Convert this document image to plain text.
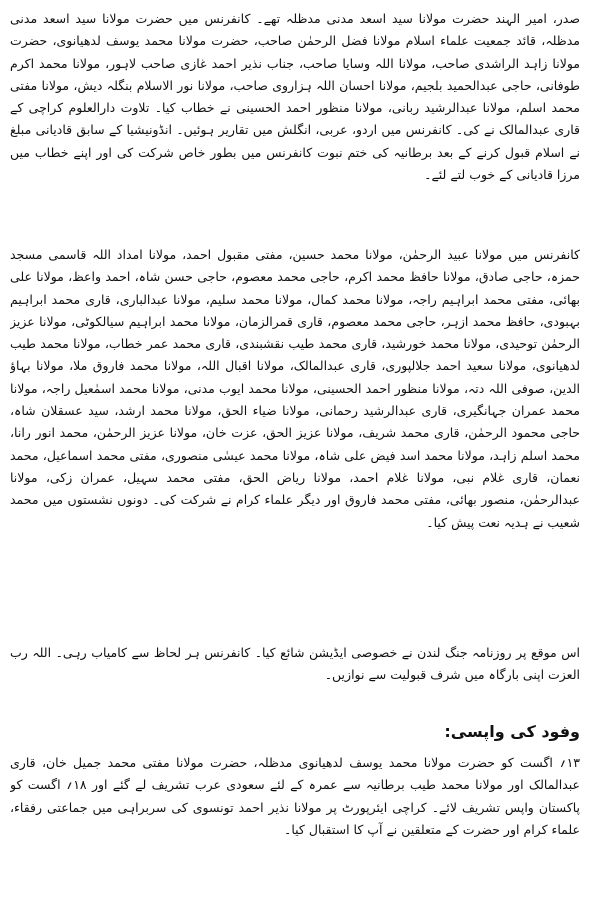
صدر، امیر الہند حضرت مولانا سید اسعد مدنی مدظلہ تھے۔ کانفرنس میں حضرت مولانا سید اسعد مدنی مدظلہ، قائد جمعیت علماء اسلام مولانا فضل الرحمٰن صاحب، حضرت مولانا محمد یوسف لدھیانوی، حضرت مولانا زاہد الراشدی صاحب، مولانا اللہ وسایا صاحب، جناب نذیر احمد غازی صاحب لاہور، مولانا محمد اکرم طوفانی، حاجی عبدالحمید بلجیم، مولانا احسان اللہ ہزاروی صاحب، مولانا نور الاسلام بنگلہ دیش، مولانا مفتی محمد اسلم، مولانا عبدالرشید ربانی، مولانا منظور احمد الحسینی نے خطاب کیا۔ تلاوت دارالعلوم کراچی کے قاری عبدالمالک نے کی۔ کانفرنس میں اردو، عربی، انگلش میں تقاریر ہوئیں۔ انڈونیشیا کے سابق قادیانی مبلغ نے اسلام قبول کرنے کے بعد برطانیہ کی ختم نبوت کانفرنس میں بطور خاص شرکت کی اور اپنے خطاب میں مرزا قادیانی کے خوب لتے لئے۔

کانفرنس میں مولانا عبید الرحمٰن، مولانا محمد حسین، مفتی مقبول احمد، مولانا امداد اللہ قاسمی مسجد حمزہ، حاجی صادق، مولانا حافظ محمد اکرم، حاجی محمد معصوم، حاجی حسن شاہ، احمد واعظ، مولانا علی بھائی، مفتی محمد ابراہیم راجہ، مولانا محمد کمال، مولانا محمد سلیم، مولانا عبدالباری، قاری محمد ابراہیم بہبودی، حافظ محمد ازہر، حاجی محمد معصوم، قاری قمرالزمان، مولانا محمد ابراہیم سیالکوٹی، مولانا عزیز الرحمٰن توحیدی، مولانا محمد خورشید، قاری محمد طیب نقشبندی، قاری محمد عمر خطاب، مولانا محمد طیب لدھیانوی، مولانا سعید احمد جلالپوری، قاری عبدالمالک، مولانا اقبال اللہ، مولانا محمد فاروق ملا، مولانا بہاؤ الدین، صوفی اللہ دتہ، مولانا منظور احمد الحسینی، مولانا محمد ایوب مدنی، مولانا محمد اسمٰعیل راجہ، مولانا محمد عمران جہانگیری، قاری عبدالرشید رحمانی، مولانا ضیاء الحق، مولانا محمد ارشد، سید عسقلان شاہ، حاجی محمود الرحمٰن، قاری محمد شریف، مولانا عزیز الحق، عزت خان، مولانا عزیز الرحمٰن، محمد انور رانا، محمد اسلم زاہد، مولانا محمد اسد فیض علی شاہ، مولانا محمد عیسٰی منصوری، مفتی محمد اسماعیل، محمد نعمان، قاری غلام نبی، مولانا غلام احمد، مولانا ریاض الحق، مفتی محمد سہیل، عمران زکی، مولانا عبدالرحمٰن، منصور بھائی، مفتی محمد فاروق اور دیگر علماء کرام نے شرکت کی۔ دونوں نشستوں میں محمد شعیب نے ہدیہ نعت پیش کیا۔

اس موقع پر روزنامہ جنگ لندن نے خصوصی ایڈیشن شائع کیا۔ کانفرنس ہر لحاظ سے کامیاب رہی۔ اللہ رب العزت اپنی بارگاہ میں شرف قبولیت سے نوازیں۔

وفود کی واپسی:

۱۳؍ اگست کو حضرت مولانا محمد یوسف لدھیانوی مدظلہ، حضرت مولانا مفتی محمد جمیل خان، قاری عبدالمالک اور مولانا محمد طیب برطانیہ سے عمرہ کے لئے سعودی عرب تشریف لے گئے اور ۱۸؍ اگست کو پاکستان واپس تشریف لائے۔ کراچی ایئرپورٹ پر مولانا نذیر احمد تونسوی کی سربراہی میں جماعتی رفقاء، علماء کرام اور حضرت کے متعلقین نے آپ کا استقبال کیا۔
